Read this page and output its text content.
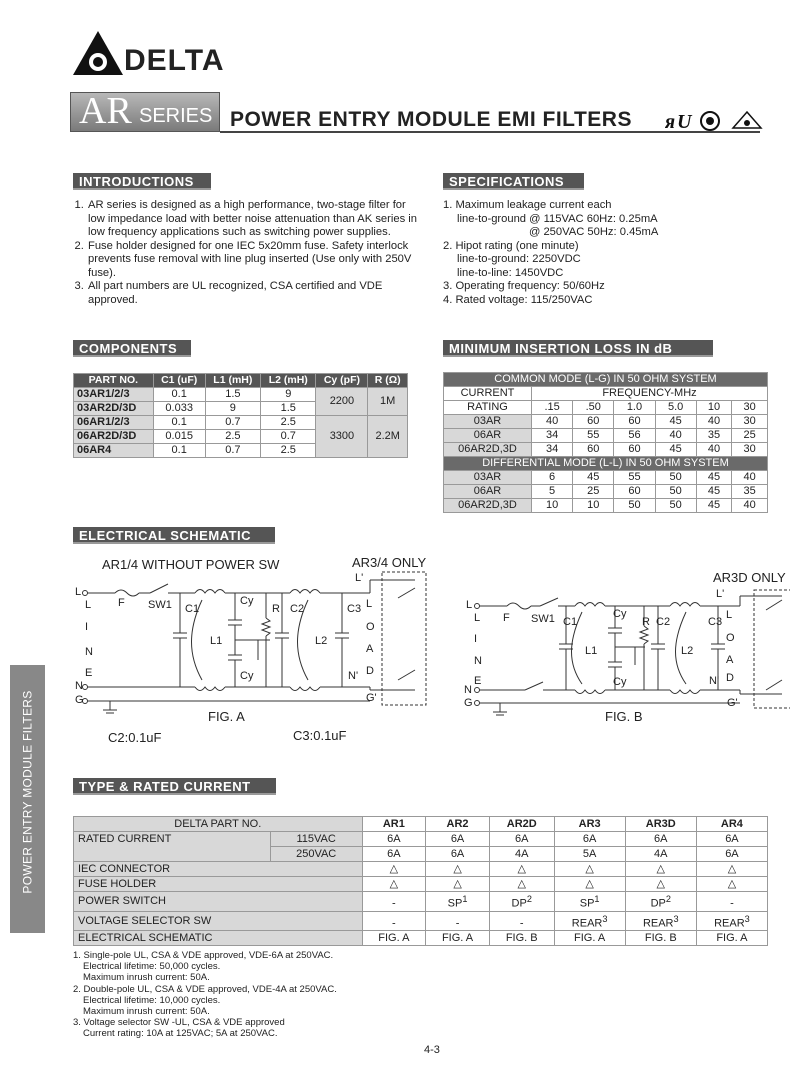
DELTA
AR SERIES POWER ENTRY MODULE EMI FILTERS ᴙ U
INTRODUCTIONS
1. AR series is designed as a high performance, two-stage filter for low impedance load with better noise attenuation than AK series in low frequency applications such as switching power supplies.
2. Fuse holder designed for one IEC 5x20mm fuse. Safety interlock prevents fuse removal with line plug inserted (Use only with 250V fuse).
3. All part numbers are UL recognized, CSA certified and VDE approved.
SPECIFICATIONS
1. Maximum leakage current each
line-to-ground @ 115VAC 60Hz: 0.25mA
@ 250VAC 50Hz: 0.45mA
2. Hipot rating (one minute)
line-to-ground: 2250VDC
line-to-line: 1450VDC
3. Operating frequency: 50/60Hz
4. Rated voltage: 115/250VAC
COMPONENTS
PART NO.	C1 (uF)	L1 (mH)	L2 (mH)	Cy (pF)	R (Ω)
03AR1/2/3	0.1	1.5	9	2200	1M
03AR2D/3D	0.033	9	1.5		
06AR1/2/3	0.1	0.7	2.5	3300	2.2M
06AR2D/3D	0.015	2.5	0.7		
06AR4	0.1	0.7	2.5		
MINIMUM INSERTION LOSS IN dB
COMMON MODE (L-G) IN 50 OHM SYSTEM						
CURRENT	FREQUENCY-MHz					
RATING	.15	.50	1.0	5.0	10	30
03AR	40	60	60	45	40	30
06AR	34	55	56	40	35	25
06AR2D,3D	34	60	60	45	40	30
DIFFERENTIAL MODE (L-L) IN 50 OHM SYSTEM						
03AR	6	45	55	50	45	40
06AR	5	25	60	50	45	35
06AR2D,3D	10	10	50	50	45	40
ELECTRICAL SCHEMATIC
AR1/4 WITHOUT POWER SW	AR3/4 ONLY
L
L F SW1 C1
Cy
L1
Cy
R C2
L2
C3
L'
L
O
A
D
N'
G'
I
N
E
N
G
FIG. A
C2:0.1uF	C3:0.1uF
AR3D ONLY
L
L F SW1 C1
Cy
L1
Cy
R C2
L2
C3
L'
L
O
A
D
N'
G'
I
N
E
N
G
FIG. B
POWER ENTRY MODULE FILTERS	TYPE & RATED CURRENT
DELTA PART NO.		AR1	AR2	AR2D	AR3	AR3D	AR4
RATED CURRENT	115VAC	6A	6A	6A	6A	6A	6A
	250VAC	6A	6A	4A	5A	4A	6A
IEC CONNECTOR		△	△	△	△	△	△
FUSE HOLDER		△	△	△	△	△	△
POWER SWITCH		-	$SP^1$	$DP^2$	$SP^1$	$DP^2$	-
VOLTAGE SELECTOR SW		-	-	-	REAR$^3$	REAR$^3$	REAR$^3$
ELECTRICAL SCHEMATIC		FIG. A	FIG. A	FIG. B	FIG. A	FIG. B	FIG. A
1. Single-pole UL, CSA & VDE approved, VDE-6A at 250VAC.
Electrical lifetime: 50,000 cycles.
Maximum inrush current: 50A.
2. Double-pole UL, CSA & VDE approved, VDE-4A at 250VAC.
Electrical lifetime: 10,000 cycles.
Maximum inrush current: 50A.
3. Voltage selector SW -UL, CSA & VDE approved
Current rating: 10A at 125VAC; 5A at 250VAC.
4-3
